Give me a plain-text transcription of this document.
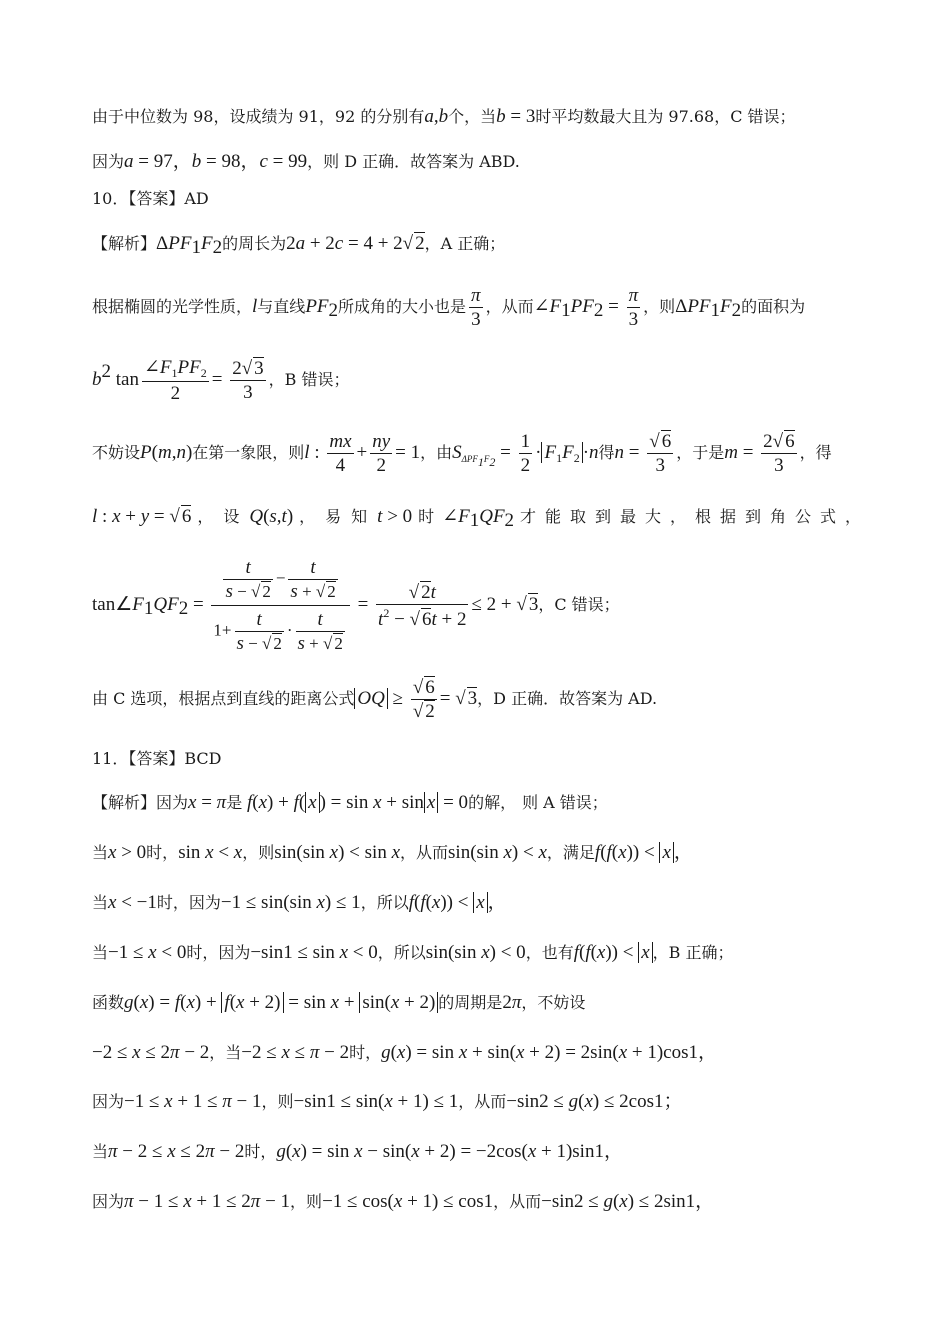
由于中位数为 98，设成绩为 91，92 的分别有a,b个，当b = 3时平均数最大且为 97.68，C 错误；
因为a = 97，b = 98，c = 99，则 D 正确．故答案为 ABD.
10．【答案】AD
【解析】$\Delta PF_1F_2$的周长为2a + 2c = 4 + 2√ 2，A 正确；
根据椭圆的光学性质，l与直线$PF_2$所成角的大小也是 $\frac{\pi}{3}$ ，从而$\angle F_1PF_2 = \frac{\pi}{3}$ ，则$\Delta PF_1F_2$的面积为
$b^2$ $\tan \frac{\angle F_1PF_2}{2} = \frac{2√ 3}{3}$ ，B 错误；
不妨设P(m,n)在第一象限，则l : $\frac{mx}{4} + \frac{ny}{2} = 1$，由$S_{\Delta PF_1F_2} = \frac{1}{2} \cdot F_1F_2 \cdot n$得$n = \frac{√ 6}{3}$ ，于是$m = \frac{2√ 6}{3}$ ，得
l : x + y = √ 6 ，设Q(s,t) ，易知t > 0 时$\angle F_1QF_2$ 才能取到最大，根据到角公式，
$\tan\angle F_1QF_2 = \frac{\frac{t}{s - √ 2} - \frac{t}{s + √ 2}}{1+ \frac{t}{s - √ 2} \cdot \frac{t}{s + √ 2}} = \frac{√ 2t}{t^2 - √ 6t + 2} \le 2$ + √ 3，C 错误；
由 C 选项，根据点到直线的距离公式 OQ ≥ $\frac{√ 6}{√ 2}$ = √ 3，D 正确．故答案为 AD.
11．【答案】BCD
【解析】因为x = π是 f(x) + f( x ) = sin x + sin x = 0的解， 则 A 错误；
当x > 0时，sin x < x，则sin(sin x) < sin x，从而sin(sin x) < x，满足f(f(x)) < x ，
当x < −1时，因为−1 ≤ sin(sin x) ≤ 1，所以f(f(x)) < x ，
当−1 ≤ x < 0时，因为−sin1 ≤ sin x < 0，所以sin(sin x) < 0，也有f(f(x)) < x ，B 正确；
函数g(x) = f(x) + f(x + 2) = sin x + sin(x + 2) 的周期是2π，不妨设
−2 ≤ x ≤ 2π − 2，当−2 ≤ x ≤ π − 2时，g(x) = sin x + sin(x + 2) = 2sin(x + 1)cos1，
因为−1 ≤ x + 1 ≤ π − 1，则−sin1 ≤ sin(x + 1) ≤ 1，从而−sin2 ≤ g(x) ≤ 2cos1；
当π − 2 ≤ x ≤ 2π − 2时，g(x) = sin x − sin(x + 2) = −2cos(x + 1)sin1，
因为π − 1 ≤ x + 1 ≤ 2π − 1，则−1 ≤ cos(x + 1) ≤ cos1，从而−sin2 ≤ g(x) ≤ 2sin1，
